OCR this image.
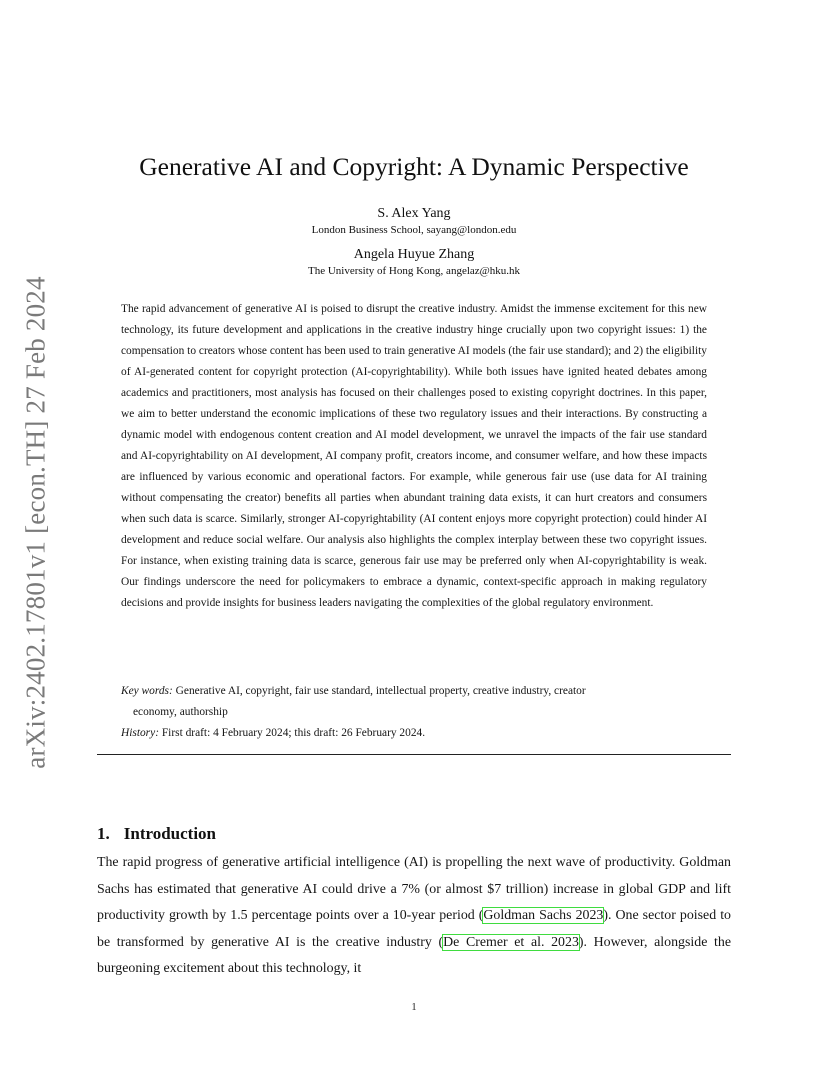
arXiv:2402.17801v1 [econ.TH] 27 Feb 2024
Generative AI and Copyright: A Dynamic Perspective
S. Alex Yang
London Business School, sayang@london.edu
Angela Huyue Zhang
The University of Hong Kong, angelaz@hku.hk

The rapid advancement of generative AI is poised to disrupt the creative industry. Amidst the immense excitement for this new technology, its future development and applications in the creative industry hinge crucially upon two copyright issues: 1) the compensation to creators whose content has been used to train generative AI models (the fair use standard); and 2) the eligibility of AI-generated content for copyright protection (AI-copyrightability). While both issues have ignited heated debates among academics and practitioners, most analysis has focused on their challenges posed to existing copyright doctrines. In this paper, we aim to better understand the economic implications of these two regulatory issues and their interactions. By constructing a dynamic model with endogenous content creation and AI model development, we unravel the impacts of the fair use standard and AI-copyrightability on AI development, AI company profit, creators income, and consumer welfare, and how these impacts are influenced by various economic and operational factors. For example, while generous fair use (use data for AI training without compensating the creator) benefits all parties when abundant training data exists, it can hurt creators and consumers when such data is scarce. Similarly, stronger AI-copyrightability (AI content enjoys more copyright protection) could hinder AI development and reduce social welfare. Our analysis also highlights the complex interplay between these two copyright issues. For instance, when existing training data is scarce, generous fair use may be preferred only when AI-copyrightability is weak. Our findings underscore the need for policymakers to embrace a dynamic, context-specific approach in making regulatory decisions and provide insights for business leaders navigating the complexities of the global regulatory environment.

Key words: Generative AI, copyright, fair use standard, intellectual property, creative industry, creator
economy, authorship
History: First draft: 4 February 2024; this draft: 26 February 2024.
1. Introduction

The rapid progress of generative artificial intelligence (AI) is propelling the next wave of productivity. Goldman Sachs has estimated that generative AI could drive a 7% (or almost $7 trillion) increase in global GDP and lift productivity growth by 1.5 percentage points over a 10-year period (Goldman Sachs 2023). One sector poised to be transformed by generative AI is the creative industry (De Cremer et al. 2023). However, alongside the burgeoning excitement about this technology, it

1
